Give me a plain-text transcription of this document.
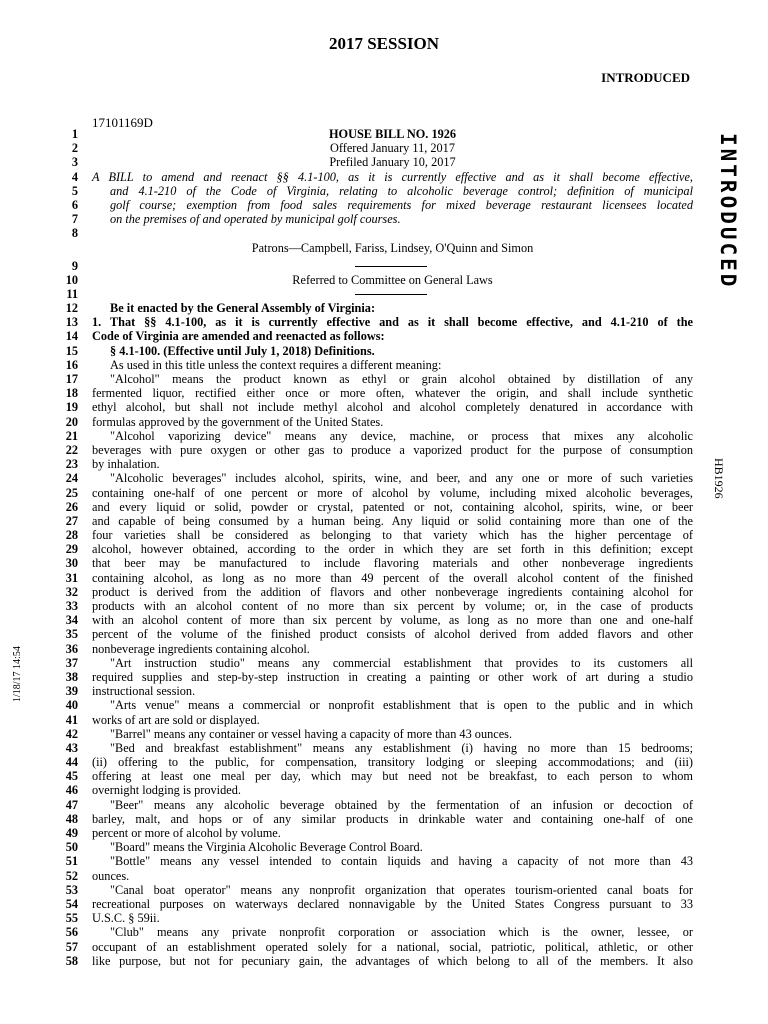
2017 SESSION
INTRODUCED
17101169D
INTRODUCED
HB1926
1/18/17 14:54
1	HOUSE BILL NO. 1926
2	Offered January 11, 2017
3	Prefiled January 10, 2017
4 A BILL to amend and reenact §§ 4.1-100, as it is currently effective and as it shall become effective,
5	and 4.1-210 of the Code of Virginia, relating to alcoholic beverage control; definition of municipal
6	golf course; exemption from food sales requirements for mixed beverage restaurant licensees located
7	on the premises of and operated by municipal golf courses.
8
Patrons—Campbell, Fariss, Lindsey, O'Quinn and Simon
9
10	Referred to Committee on General Laws
11
12	Be it enacted by the General Assembly of Virginia:
13 1. That §§ 4.1-100, as it is currently effective and as it shall become effective, and 4.1-210 of the
14 Code of Virginia are amended and reenacted as follows:
15	§ 4.1-100. (Effective until July 1, 2018) Definitions.
16	As used in this title unless the context requires a different meaning:
17	"Alcohol" means the product known as ethyl or grain alcohol obtained by distillation of any
18 fermented liquor, rectified either once or more often, whatever the origin, and shall include synthetic
19 ethyl alcohol, but shall not include methyl alcohol and alcohol completely denatured in accordance with
20 formulas approved by the government of the United States.
21	"Alcohol vaporizing device" means any device, machine, or process that mixes any alcoholic
22 beverages with pure oxygen or other gas to produce a vaporized product for the purpose of consumption
23 by inhalation.
24	"Alcoholic beverages" includes alcohol, spirits, wine, and beer, and any one or more of such varieties
25 containing one-half of one percent or more of alcohol by volume, including mixed alcoholic beverages,
26 and every liquid or solid, powder or crystal, patented or not, containing alcohol, spirits, wine, or beer
27 and capable of being consumed by a human being. Any liquid or solid containing more than one of the
28 four varieties shall be considered as belonging to that variety which has the higher percentage of
29 alcohol, however obtained, according to the order in which they are set forth in this definition; except
30 that beer may be manufactured to include flavoring materials and other nonbeverage ingredients
31 containing alcohol, as long as no more than 49 percent of the overall alcohol content of the finished
32 product is derived from the addition of flavors and other nonbeverage ingredients containing alcohol for
33 products with an alcohol content of no more than six percent by volume; or, in the case of products
34 with an alcohol content of more than six percent by volume, as long as no more than one and one-half
35 percent of the volume of the finished product consists of alcohol derived from added flavors and other
36 nonbeverage ingredients containing alcohol.
37	"Art instruction studio" means any commercial establishment that provides to its customers all
38 required supplies and step-by-step instruction in creating a painting or other work of art during a studio
39 instructional session.
40	"Arts venue" means a commercial or nonprofit establishment that is open to the public and in which
41 works of art are sold or displayed.
42	"Barrel" means any container or vessel having a capacity of more than 43 ounces.
43	"Bed and breakfast establishment" means any establishment (i) having no more than 15 bedrooms;
44 (ii) offering to the public, for compensation, transitory lodging or sleeping accommodations; and (iii)
45 offering at least one meal per day, which may but need not be breakfast, to each person to whom
46 overnight lodging is provided.
47	"Beer" means any alcoholic beverage obtained by the fermentation of an infusion or decoction of
48 barley, malt, and hops or of any similar products in drinkable water and containing one-half of one
49 percent or more of alcohol by volume.
50	"Board" means the Virginia Alcoholic Beverage Control Board.
51	"Bottle" means any vessel intended to contain liquids and having a capacity of not more than 43
52 ounces.
53	"Canal boat operator" means any nonprofit organization that operates tourism-oriented canal boats for
54 recreational purposes on waterways declared nonnavigable by the United States Congress pursuant to 33
55 U.S.C. § 59ii.
56	"Club" means any private nonprofit corporation or association which is the owner, lessee, or
57 occupant of an establishment operated solely for a national, social, patriotic, political, athletic, or other
58 like purpose, but not for pecuniary gain, the advantages of which belong to all of the members. It also
